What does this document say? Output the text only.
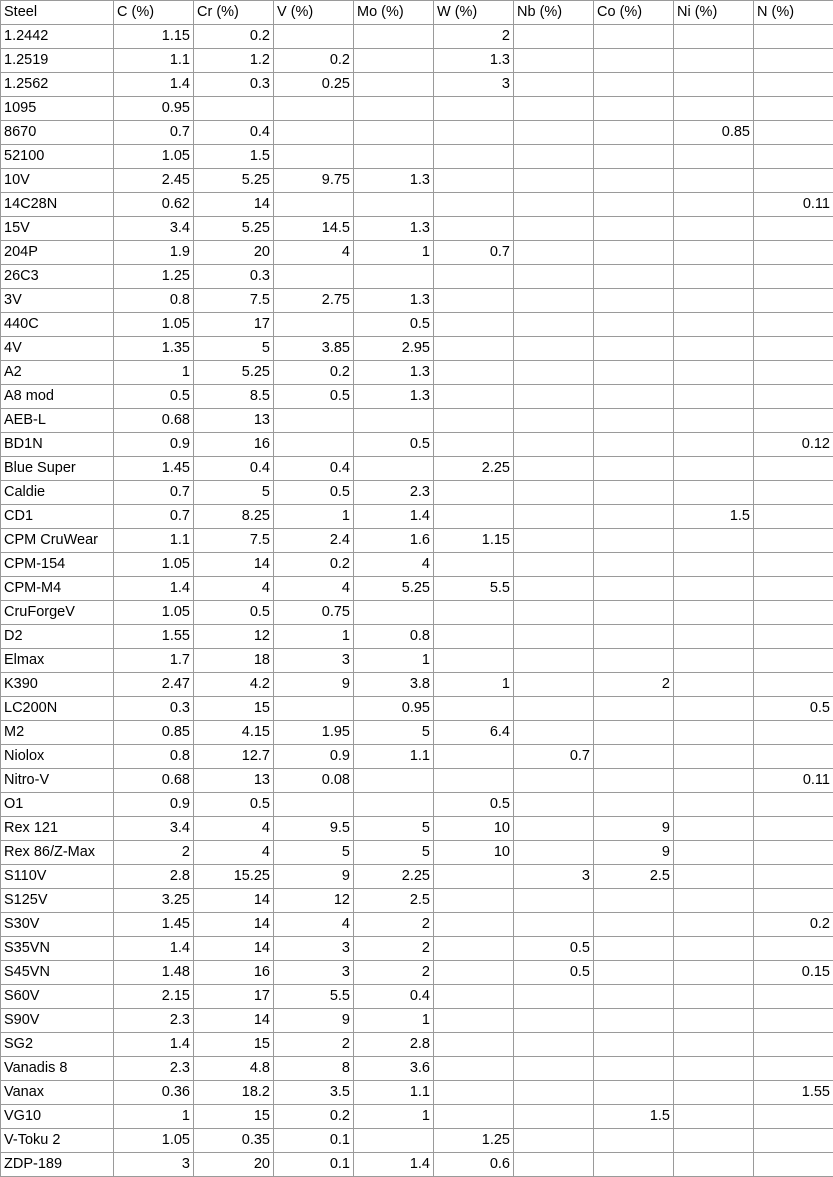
Steel	C (%)	Cr (%)	V (%)	Mo (%)	W (%)	Nb (%)	Co (%)	Ni (%)	N (%)
1.2442	1.15	0.2			2				
1.2519	1.1	1.2	0.2		1.3				
1.2562	1.4	0.3	0.25		3				
1095	0.95								
8670	0.7	0.4						0.85	
52100	1.05	1.5							
10V	2.45	5.25	9.75	1.3					
14C28N	0.62	14							0.11
15V	3.4	5.25	14.5	1.3					
204P	1.9	20	4	1	0.7				
26C3	1.25	0.3							
3V	0.8	7.5	2.75	1.3					
440C	1.05	17		0.5					
4V	1.35	5	3.85	2.95					
A2	1	5.25	0.2	1.3					
A8 mod	0.5	8.5	0.5	1.3					
AEB-L	0.68	13							
BD1N	0.9	16		0.5					0.12
Blue Super	1.45	0.4	0.4		2.25				
Caldie	0.7	5	0.5	2.3					
CD1	0.7	8.25	1	1.4				1.5	
CPM CruWear	1.1	7.5	2.4	1.6	1.15				
CPM-154	1.05	14	0.2	4					
CPM-M4	1.4	4	4	5.25	5.5				
CruForgeV	1.05	0.5	0.75						
D2	1.55	12	1	0.8					
Elmax	1.7	18	3	1					
K390	2.47	4.2	9	3.8	1		2		
LC200N	0.3	15		0.95					0.5
M2	0.85	4.15	1.95	5	6.4				
Niolox	0.8	12.7	0.9	1.1		0.7			
Nitro-V	0.68	13	0.08						0.11
O1	0.9	0.5			0.5				
Rex 121	3.4	4	9.5	5	10		9		
Rex 86/Z-Max	2	4	5	5	10		9		
S110V	2.8	15.25	9	2.25		3	2.5		
S125V	3.25	14	12	2.5					
S30V	1.45	14	4	2					0.2
S35VN	1.4	14	3	2		0.5			
S45VN	1.48	16	3	2		0.5			0.15
S60V	2.15	17	5.5	0.4					
S90V	2.3	14	9	1					
SG2	1.4	15	2	2.8					
Vanadis 8	2.3	4.8	8	3.6					
Vanax	0.36	18.2	3.5	1.1					1.55
VG10	1	15	0.2	1			1.5		
V-Toku 2	1.05	0.35	0.1		1.25				
ZDP-189	3	20	0.1	1.4	0.6				
